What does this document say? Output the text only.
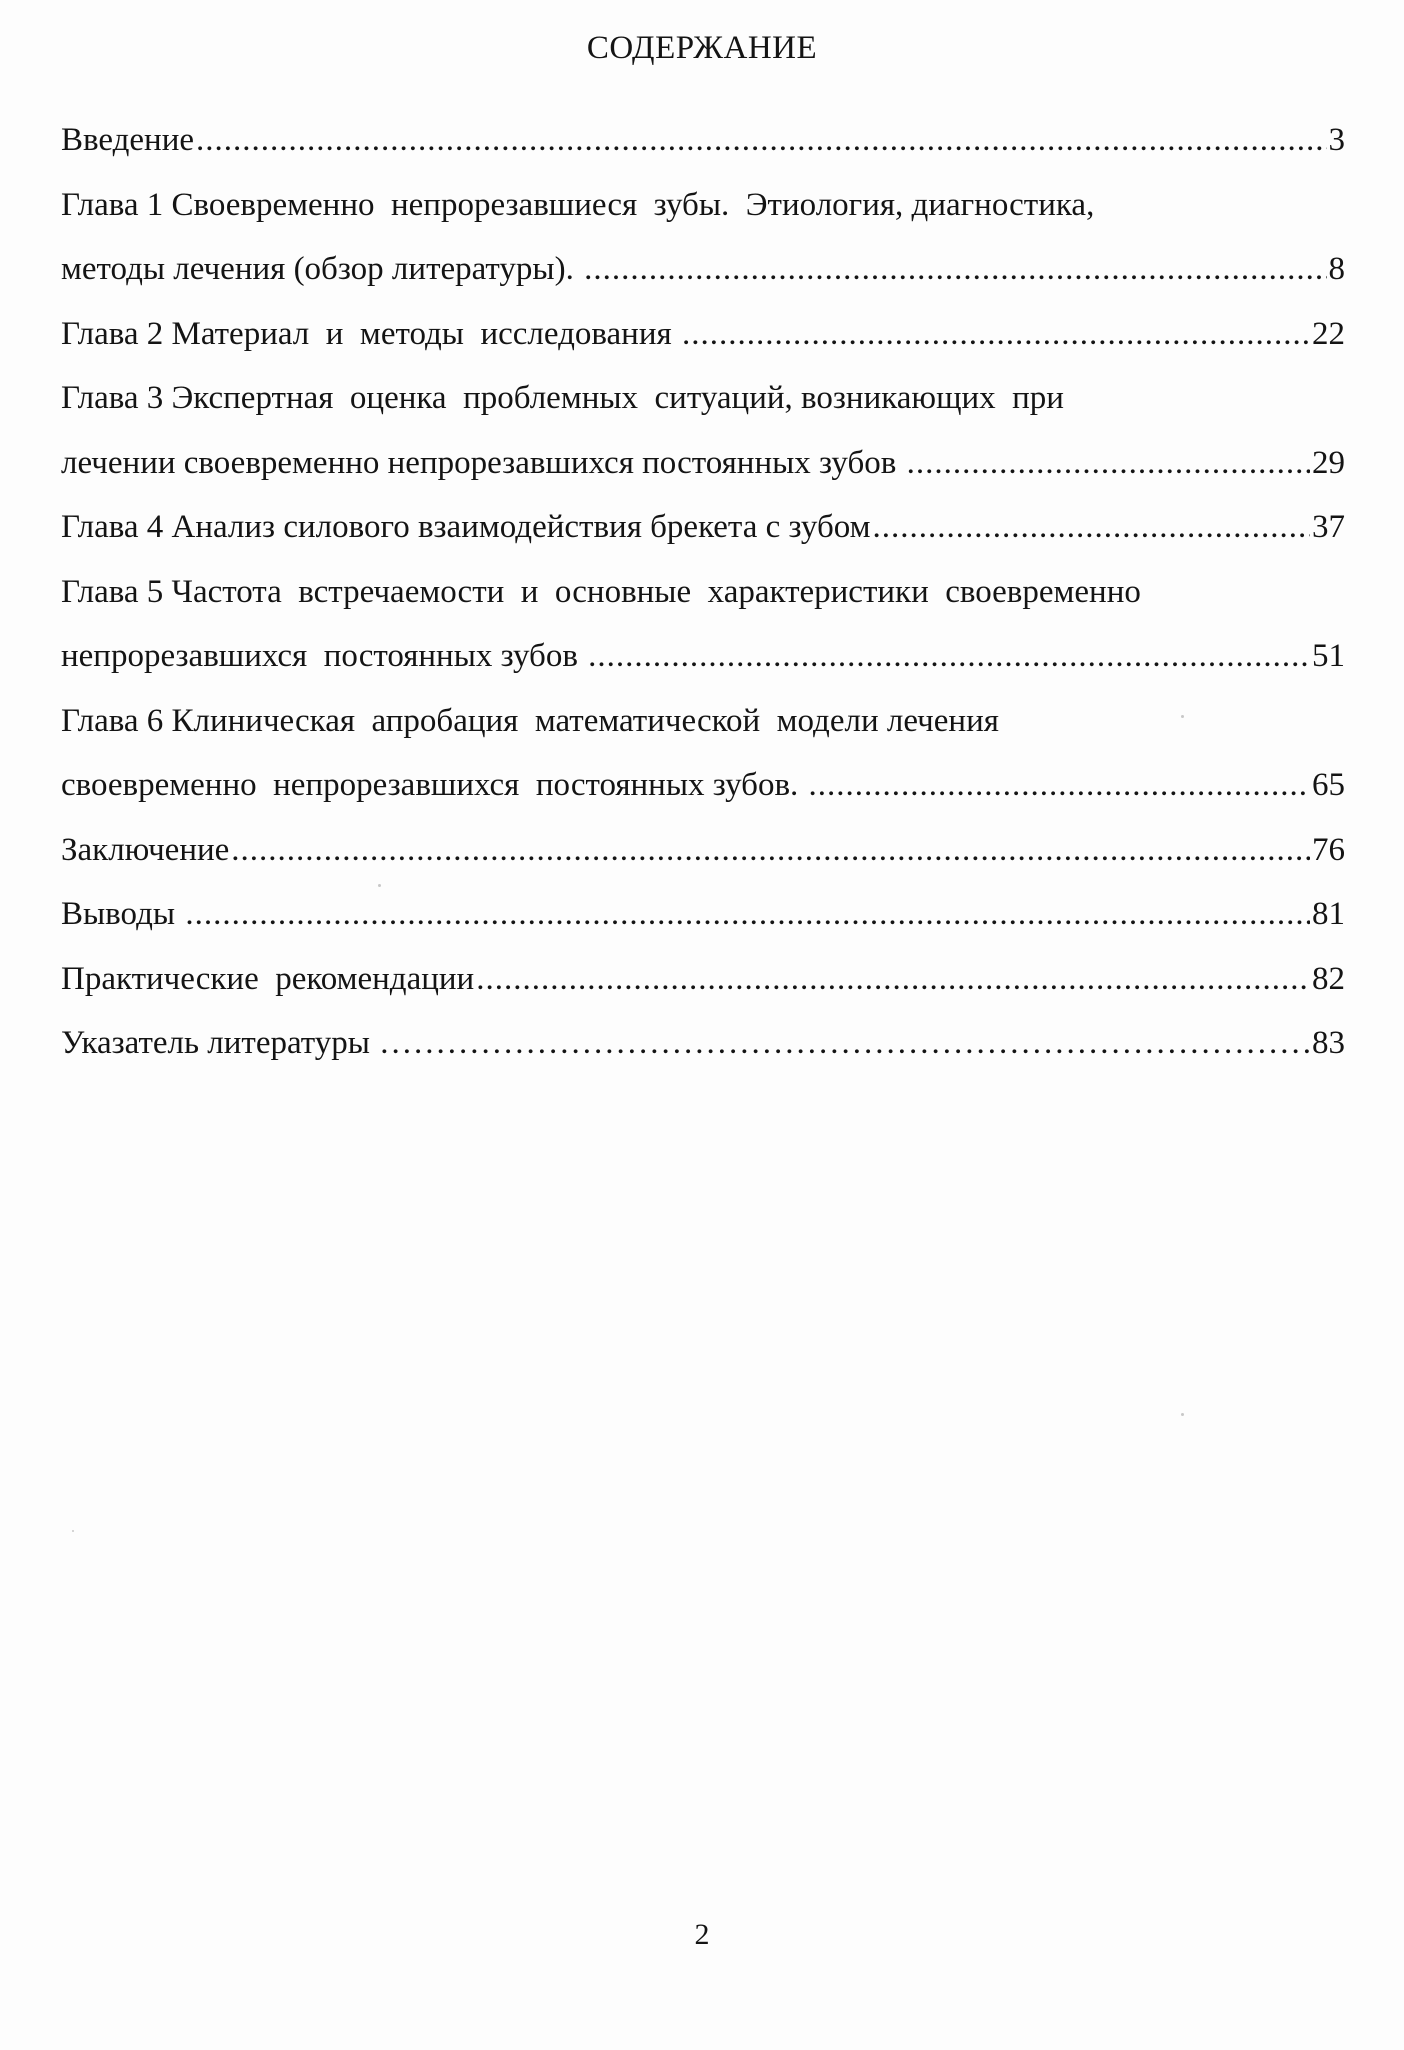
СОДЕРЖАНИЕ
Введение .....	3
Глава 1 Своевременно  непрорезавшиеся  зубы.  Этиология, диагностика,
методы лечения (обзор литературы). .....	8
Глава 2 Материал  и  методы  исследования .....	22
Глава 3 Экспертная  оценка  проблемных  ситуаций, возникающих  при
лечении своевременно непрорезавшихся постоянных зубов .....	29
Глава 4 Анализ силового взаимодействия брекета с зубом .....	37
Глава 5 Частота  встречаемости  и  основные  характеристики  своевременно
непрорезавшихся  постоянных зубов .....	51
Глава 6 Клиническая  апробация  математической  модели лечения
своевременно  непрорезавшихся  постоянных зубов. .....	65
Заключение .....	76
Выводы .....	81
Практические  рекомендации .....	82
Указатель литературы .....	83
2
